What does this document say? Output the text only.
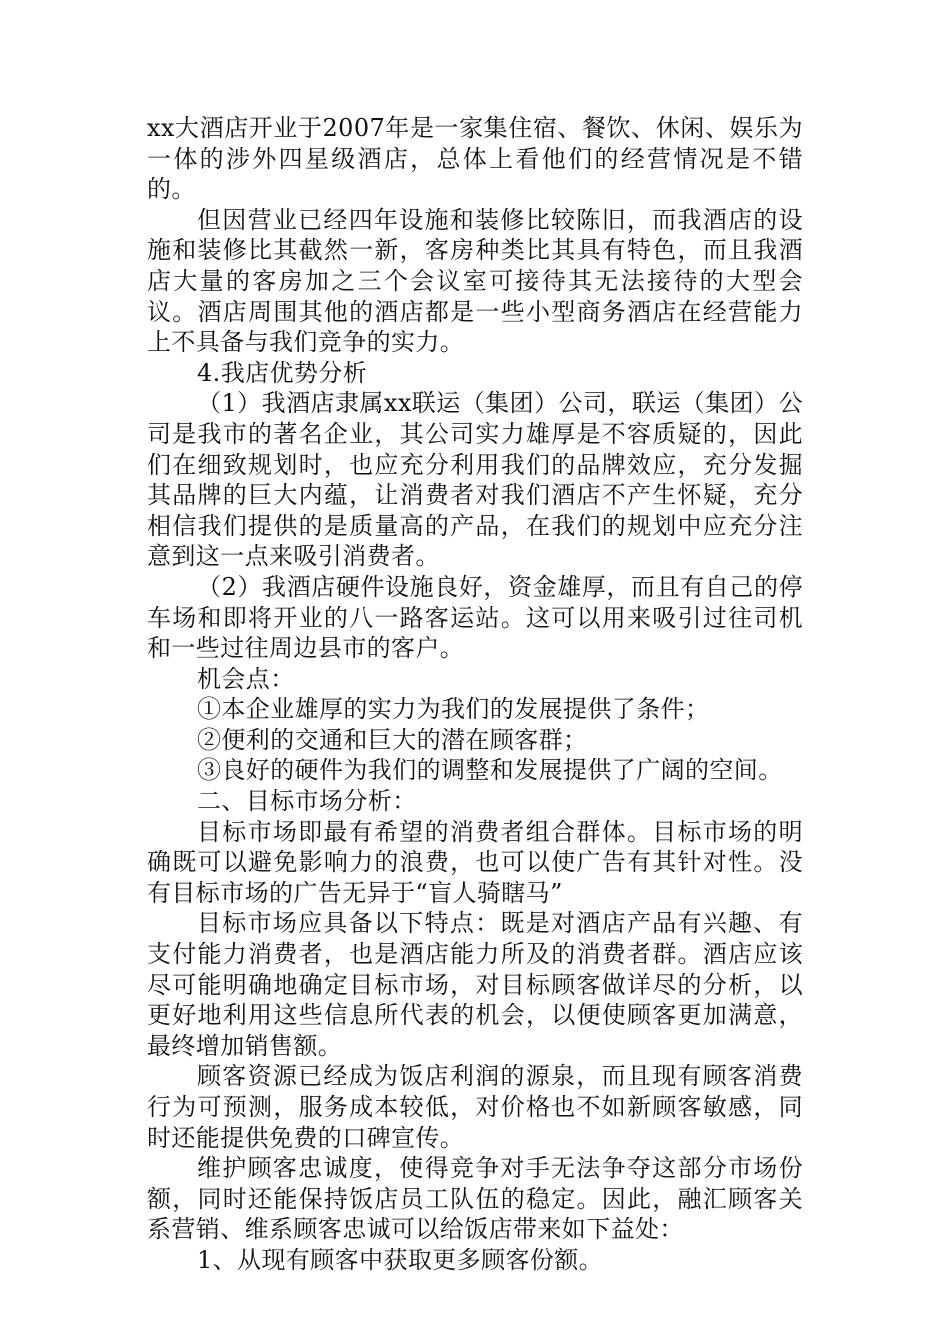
xx大酒店开业于2007年是一家集住宿、餐饮、休闲、娱乐为一体的涉外四星级酒店，总体上看他们的经营情况是不错的。

但因营业已经四年设施和装修比较陈旧，而我酒店的设施和装修比其截然一新，客房种类比其具有特色，而且我酒店大量的客房加之三个会议室可接待其无法接待的大型会议。酒店周围其他的酒店都是一些小型商务酒店在经营能力上不具备与我们竞争的实力。

4.我店优势分析

（1）我酒店隶属xx联运（集团）公司，联运（集团）公司是我市的著名企业，其公司实力雄厚是不容质疑的，因此们在细致规划时，也应充分利用我们的品牌效应，充分发掘其品牌的巨大内蕴，让消费者对我们酒店不产生怀疑，充分相信我们提供的是质量高的产品，在我们的规划中应充分注意到这一点来吸引消费者。

（2）我酒店硬件设施良好，资金雄厚，而且有自己的停车场和即将开业的八一路客运站。这可以用来吸引过往司机和一些过往周边县市的客户。

机会点：

①本企业雄厚的实力为我们的发展提供了条件；

②便利的交通和巨大的潜在顾客群；

③良好的硬件为我们的调整和发展提供了广阔的空间。

二、目标市场分析：

目标市场即最有希望的消费者组合群体。目标市场的明确既可以避免影响力的浪费，也可以使广告有其针对性。没有目标市场的广告无异于“盲人骑瞎马”

目标市场应具备以下特点：既是对酒店产品有兴趣、有支付能力消费者，也是酒店能力所及的消费者群。酒店应该尽可能明确地确定目标市场，对目标顾客做详尽的分析，以更好地利用这些信息所代表的机会，以便使顾客更加满意，最终增加销售额。

顾客资源已经成为饭店利润的源泉，而且现有顾客消费行为可预测，服务成本较低，对价格也不如新顾客敏感，同时还能提供免费的口碑宣传。

维护顾客忠诚度，使得竞争对手无法争夺这部分市场份额，同时还能保持饭店员工队伍的稳定。因此，融汇顾客关系营销、维系顾客忠诚可以给饭店带来如下益处：

1、从现有顾客中获取更多顾客份额。
